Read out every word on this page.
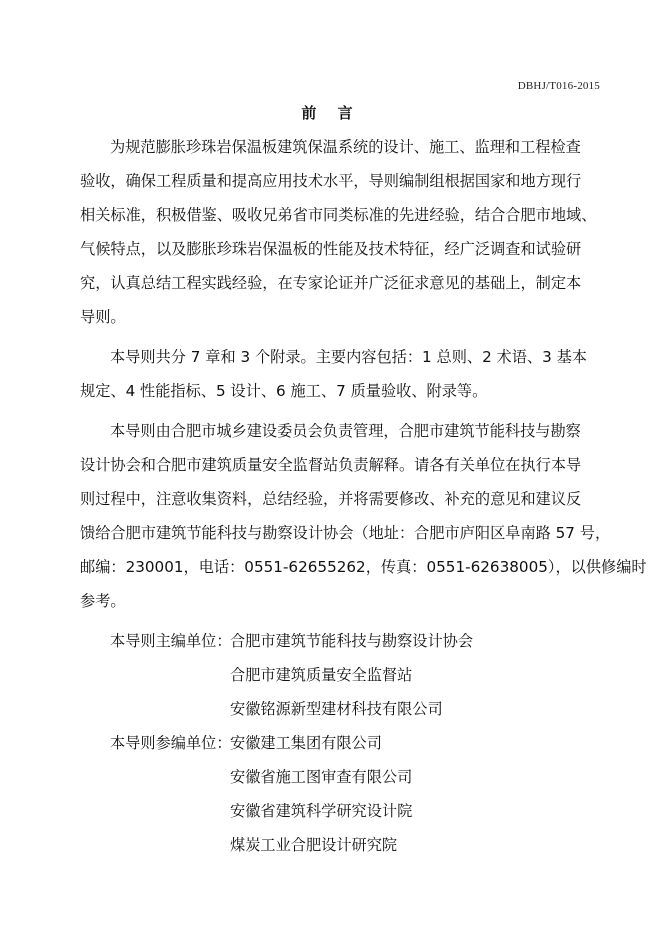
DBHJ/T016-2015
前 言
为规范膨胀珍珠岩保温板建筑保温系统的设计、施工、监理和工程检查
验收，确保工程质量和提高应用技术水平，导则编制组根据国家和地方现行
相关标准，积极借鉴、吸收兄弟省市同类标准的先进经验，结合合肥市地域、
气候特点，以及膨胀珍珠岩保温板的性能及技术特征，经广泛调查和试验研
究，认真总结工程实践经验，在专家论证并广泛征求意见的基础上，制定本
导则。
本导则共分 7 章和 3 个附录。主要内容包括：1 总则、2 术语、3 基本
规定、4 性能指标、5 设计、6 施工、7 质量验收、附录等。
本导则由合肥市城乡建设委员会负责管理，合肥市建筑节能科技与勘察
设计协会和合肥市建筑质量安全监督站负责解释。请各有关单位在执行本导
则过程中，注意收集资料，总结经验，并将需要修改、补充的意见和建议反
馈给合肥市建筑节能科技与勘察设计协会（地址：合肥市庐阳区阜南路 57 号，
邮编：230001，电话：0551-62655262，传真：0551-62638005），以供修编时
参考。
本导则主编单位：合肥市建筑节能科技与勘察设计协会
合肥市建筑质量安全监督站
安徽铭源新型建材科技有限公司
本导则参编单位：安徽建工集团有限公司
安徽省施工图审查有限公司
安徽省建筑科学研究设计院
煤炭工业合肥设计研究院
